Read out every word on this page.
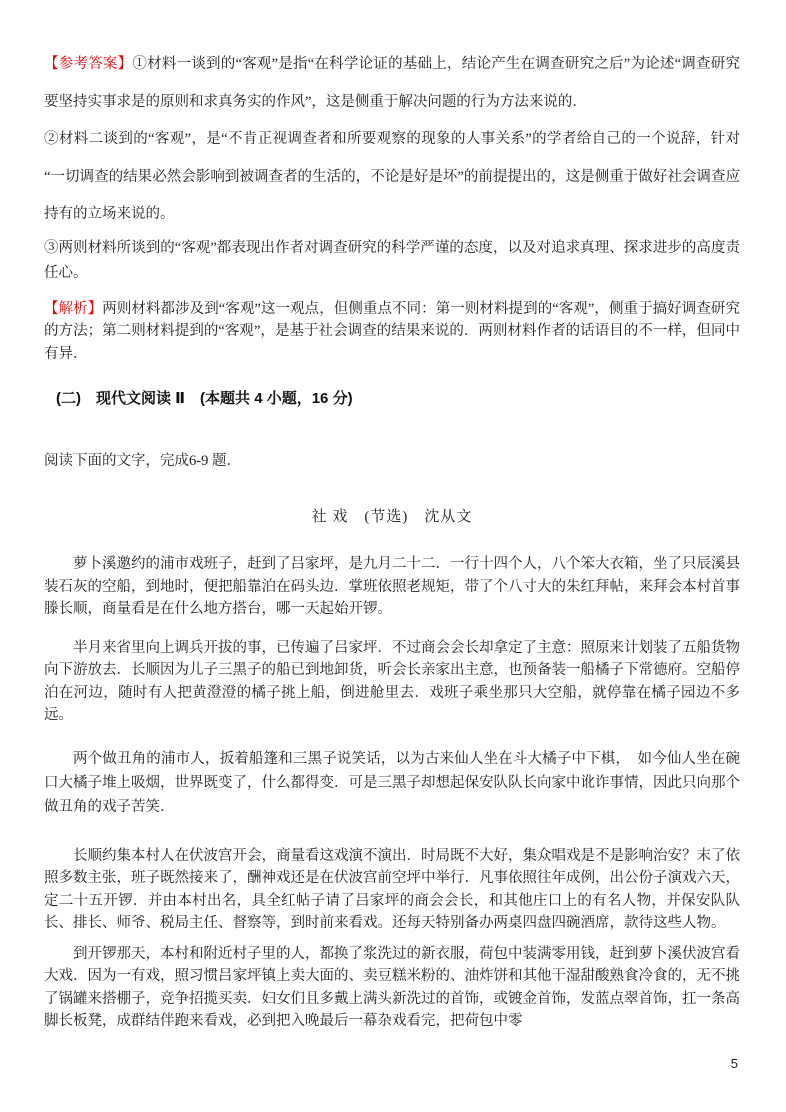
【参考答案】①材料一谈到的“客观”是指“在科学论证的基础上，结论产生在调查研究之后”为论述“调查研究要坚持实事求是的原则和求真务实的作风”，这是侧重于解决问题的行为方法来说的．

②材料二谈到的“客观”，是“不肯正视调查者和所要观察的现象的人事关系”的学者给自己的一个说辞，针对“一切调查的结果必然会影响到被调查者的生活的，不论是好是坏”的前提提出的，这是侧重于做好社会调查应持有的立场来说的。

③两则材料所谈到的“客观”都表现出作者对调查研究的科学严谨的态度，以及对追求真理、探求进步的高度责任心。

【解析】两则材料都涉及到“客观”这一观点，但侧重点不同：第一则材料提到的“客观”，侧重于搞好调查研究的方法；第二则材料提到的“客观”，是基于社会调查的结果来说的．两则材料作者的话语目的不一样，但同中有异．

(二)　现代文阅读 Ⅱ　(本题共 4 小题，16 分)

阅读下面的文字，完成6-9 题．

社 戏　(节选)　沈从文

萝卜溪邀约的浦市戏班子，赶到了吕家坪，是九月二十二．一行十四个人，八个笨大衣箱，坐了只辰溪县装石灰的空船，到地时，便把船靠泊在码头边．掌班依照老规矩，带了个八寸大的朱红拜帖，来拜会本村首事滕长顺，商量看是在什么地方搭台，哪一天起始开锣。

半月来省里向上调兵开拔的事，已传遍了吕家坪．不过商会会长却拿定了主意：照原来计划装了五船货物向下游放去．长顺因为儿子三黑子的船已到地卸货，听会长亲家出主意，也预备装一船橘子下常德府。空船停泊在河边，随时有人把黄澄澄的橘子挑上船，倒进舱里去．戏班子乘坐那只大空船，就停靠在橘子园边不多远。

两个做丑角的浦市人，扳着船篷和三黑子说笑话，以为古来仙人坐在斗大橘子中下棋，　如今仙人坐在碗口大橘子堆上吸烟，世界既变了，什么都得变．可是三黑子却想起保安队队长向家中讹诈事情，因此只向那个做丑角的戏子苦笑．

长顺约集本村人在伏波宫开会，商量看这戏演不演出．时局既不大好，集众唱戏是不是影响治安？末了依照多数主张，班子既然接来了，酬神戏还是在伏波宫前空坪中举行．凡事依照往年成例，出公份子演戏六天，定二十五开锣．并由本村出名，具全红帖子请了吕家坪的商会会长，和其他庄口上的有名人物，并保安队队长、排长、师爷、税局主任、督察等，到时前来看戏。还每天特别备办两桌四盘四碗酒席，款待这些人物。

到开锣那天，本村和附近村子里的人，都换了浆洗过的新衣服，荷包中装满零用钱，赶到萝卜溪伏波宫看大戏．因为一有戏，照习惯吕家坪镇上卖大面的、卖豆糕米粉的、油炸饼和其他干湿甜酸熟食冷食的，无不挑了锅罐来搭棚子，竞争招揽买卖．妇女们且多戴上满头新洗过的首饰，或镀金首饰，发蓝点翠首饰，扛一条高脚长板凳，成群结伴跑来看戏，必到把入晚最后一幕杂戏看完，把荷包中零

5
